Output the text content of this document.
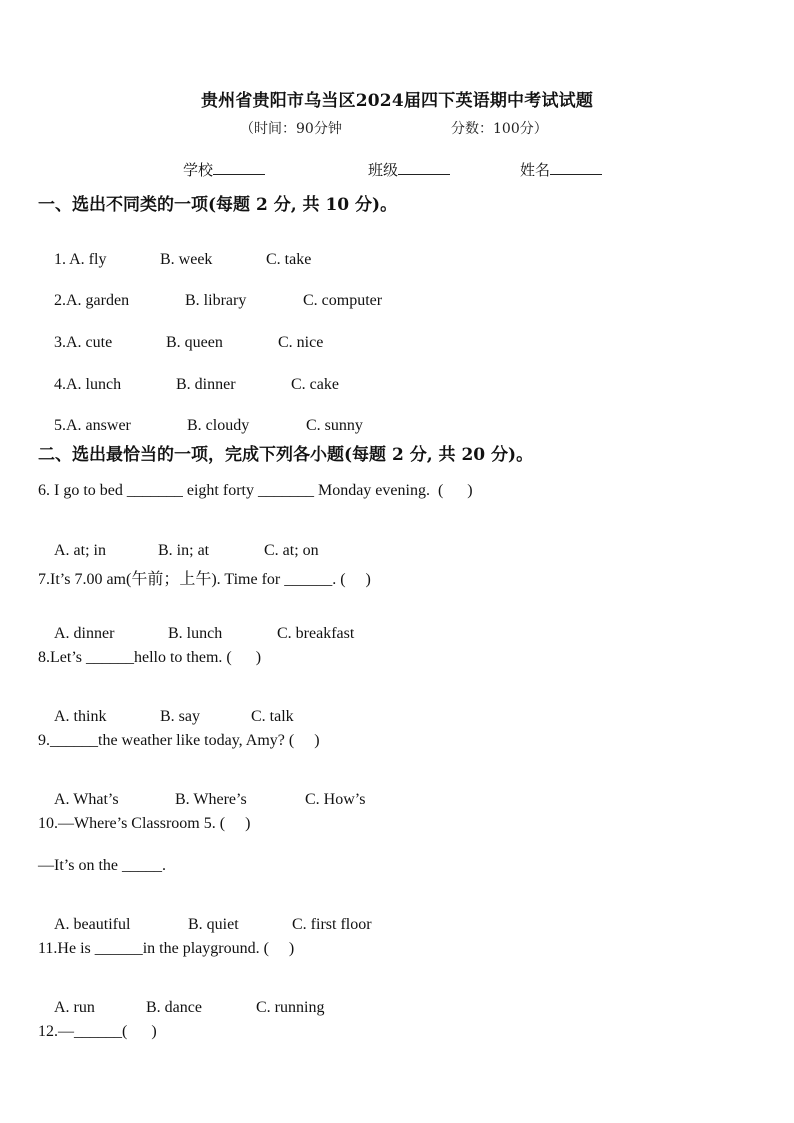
贵州省贵阳市乌当区2024届四下英语期中考试试题
（时间：90分钟	分数：100分）
学校	班级	姓名
一、选出不同类的一项(每题 2 分, 共 10 分)。

1. A. fly	B. week	C. take

2.A. garden	B. library	C. computer

3.A. cute	B. queen	C. nice

4.A. lunch	B. dinner	C. cake

5.A. answer	B. cloudy	C. sunny

二、选出最恰当的一项，完成下列各小题(每题 2 分, 共 20 分)。
6. I go to bed _______ eight forty _______ Monday evening.  (      )

A. at; in	B. in; at	C. at; on

7.It’s 7.00 am(午前；上午). Time for ______. (     )

A. dinner	B. lunch	C. breakfast

8.Let’s ______hello to them. (      )

A. think	B. say	C. talk

9.______the weather like today, Amy? (     )

A. What’s	B. Where’s	C. How’s

10.—Where’s Classroom 5. (     )
—It’s on the _____.

A. beautiful	B. quiet	C. first floor

11.He is ______in the playground. (     )

A. run	B. dance	C. running

12.—______(      )
